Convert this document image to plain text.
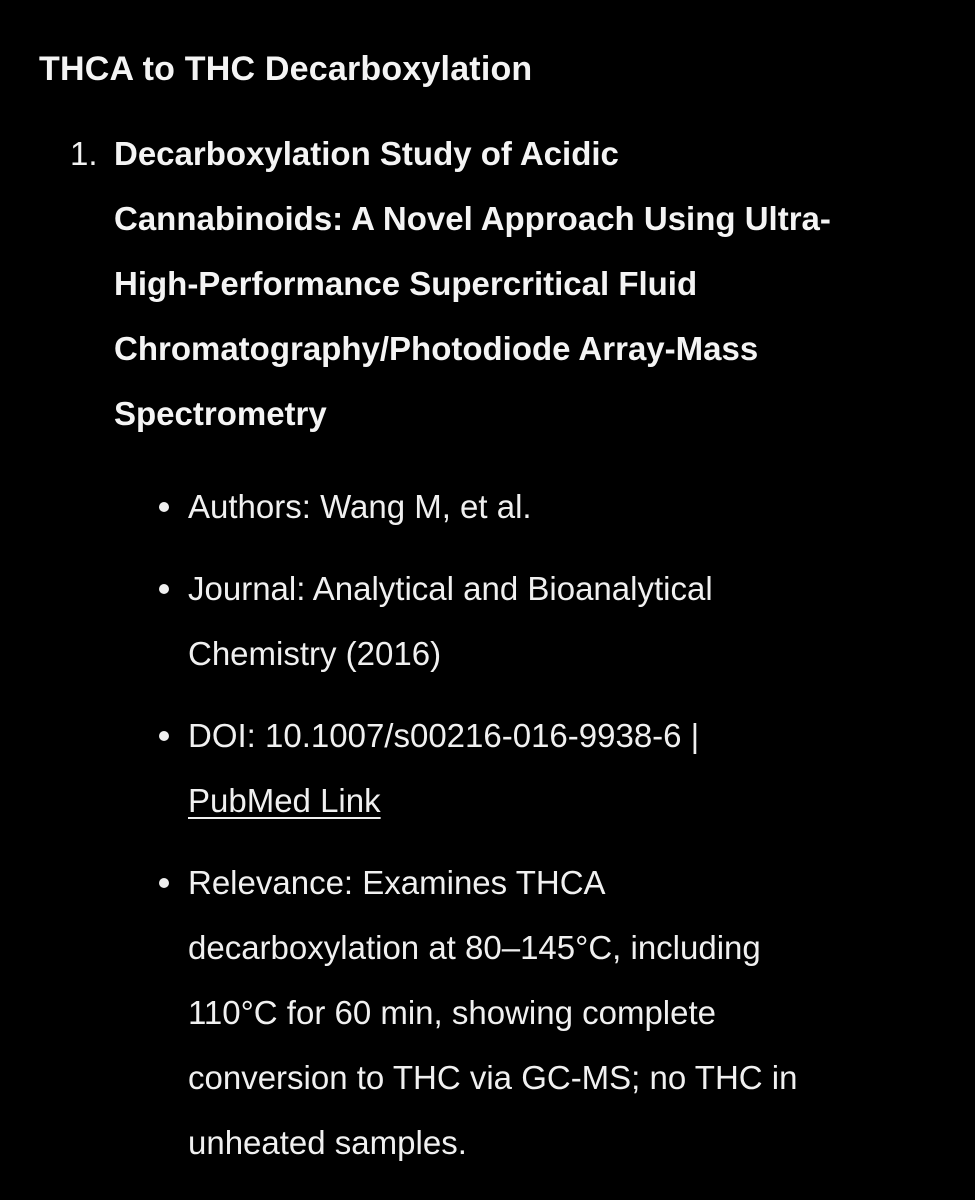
THCA to THC Decarboxylation
1. Decarboxylation Study of Acidic
Cannabinoids: A Novel Approach Using Ultra-
High-Performance Supercritical Fluid
Chromatography/Photodiode Array-Mass
Spectrometry
Authors: Wang M, et al.
Journal: Analytical and Bioanalytical
Chemistry (2016)
DOI: 10.1007/s00216-016-9938-6 |
PubMed Link
Relevance: Examines THCA
decarboxylation at 80–145°C, including
110°C for 60 min, showing complete
conversion to THC via GC-MS; no THC in
unheated samples.
